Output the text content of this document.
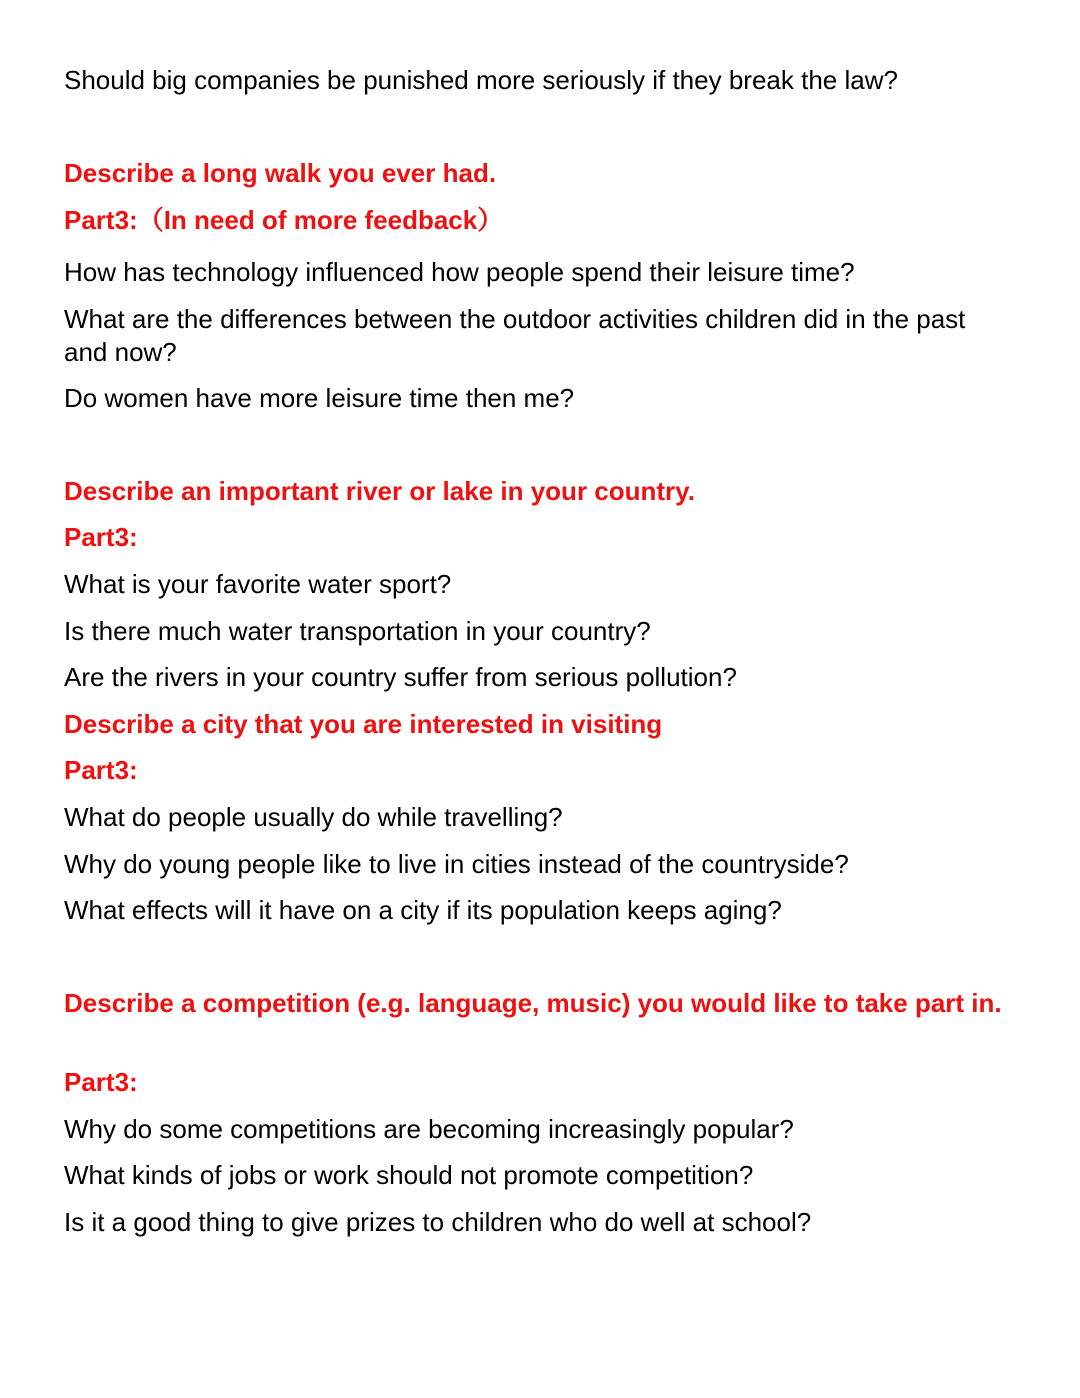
Should big companies be punished more seriously if they break the law?
Describe a long walk you ever had.
Part3:（In need of more feedback）
How has technology influenced how people spend their leisure time?
What are the differences between the outdoor activities children did in the past and now?
Do women have more leisure time then me?
Describe an important river or lake in your country.
Part3:
What is your favorite water sport?
Is there much water transportation in your country?
Are the rivers in your country suffer from serious pollution?
Describe a city that you are interested in visiting
Part3:
What do people usually do while travelling?
Why do young people like to live in cities instead of the countryside?
What effects will it have on a city if its population keeps aging?
Describe a competition (e.g. language, music) you would like to take part in.
Part3:
Why do some competitions are becoming increasingly popular?
What kinds of jobs or work should not promote competition?
Is it a good thing to give prizes to children who do well at school?
